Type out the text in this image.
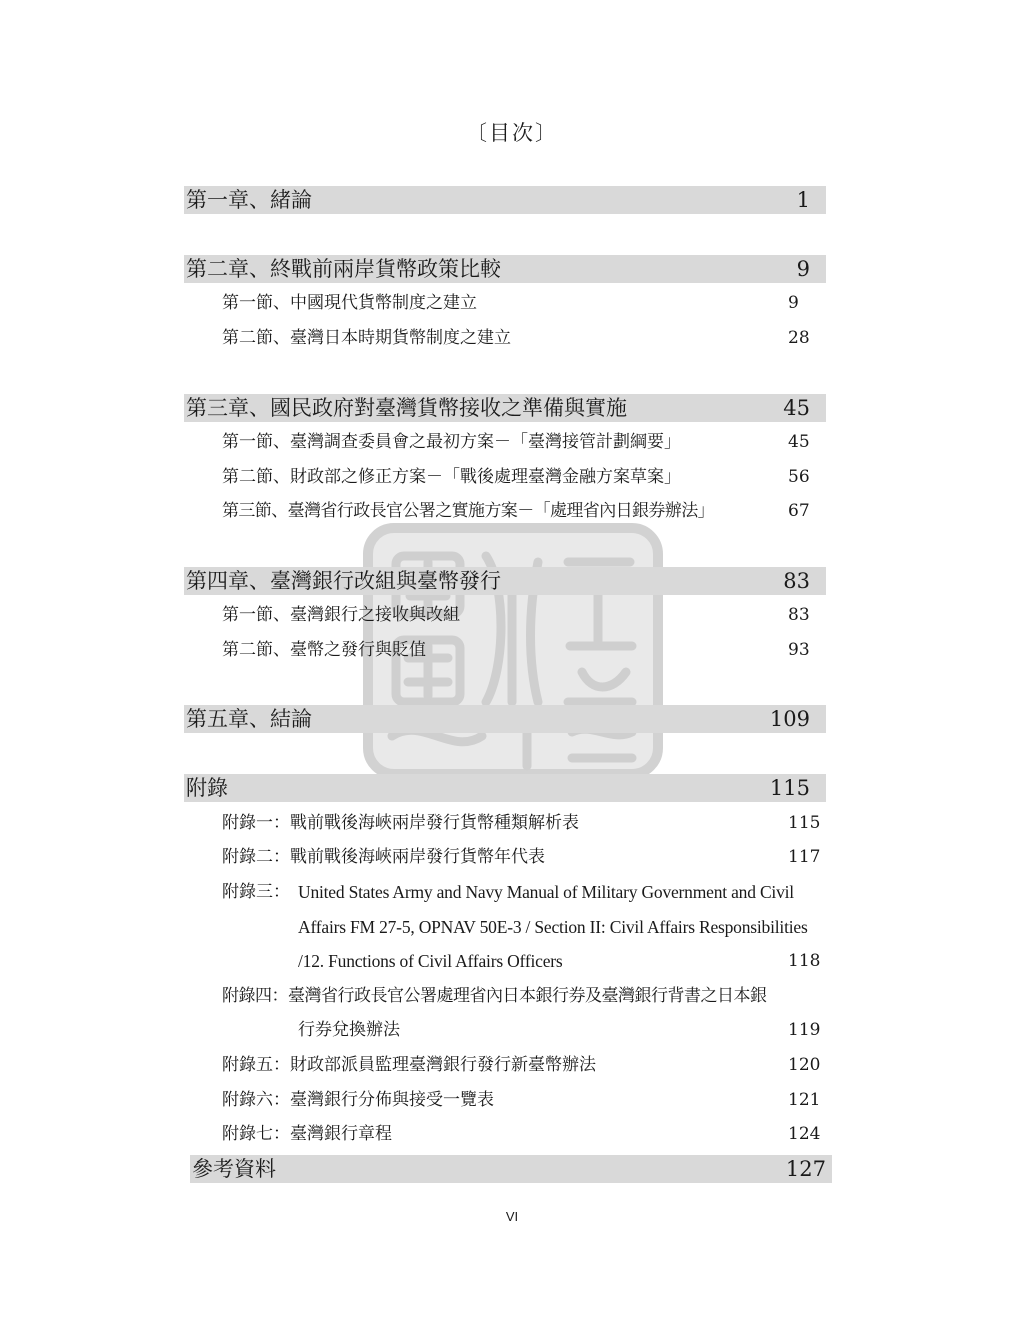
〔目次〕
第一章、緒論	1
第二章、終戰前兩岸貨幣政策比較	9
第一節、中國現代貨幣制度之建立	9
第二節、臺灣日本時期貨幣制度之建立	28
第三章、國民政府對臺灣貨幣接收之準備與實施	45
第一節、臺灣調查委員會之最初方案－「臺灣接管計劃綱要」	45
第二節、財政部之修正方案－「戰後處理臺灣金融方案草案」	56
第三節、臺灣省行政長官公署之實施方案－「處理省內日銀券辦法」	67
第四章、臺灣銀行改組與臺幣發行	83
第一節、臺灣銀行之接收與改組	83
第二節、臺幣之發行與貶值	93
第五章、結論	109
附錄	115
附錄一：戰前戰後海峽兩岸發行貨幣種類解析表	115
附錄二：戰前戰後海峽兩岸發行貨幣年代表	117
附錄三： United States Army and Navy Manual of Military Government and Civil
Affairs FM 27-5, OPNAV 50E-3 / Section II: Civil Affairs Responsibilities
/12. Functions of Civil Affairs Officers	118
附錄四：臺灣省行政長官公署處理省內日本銀行券及臺灣銀行背書之日本銀
行券兌換辦法	119
附錄五：財政部派員監理臺灣銀行發行新臺幣辦法	120
附錄六：臺灣銀行分佈與接受一覽表	121
附錄七：臺灣銀行章程	124
參考資料	127
VI
